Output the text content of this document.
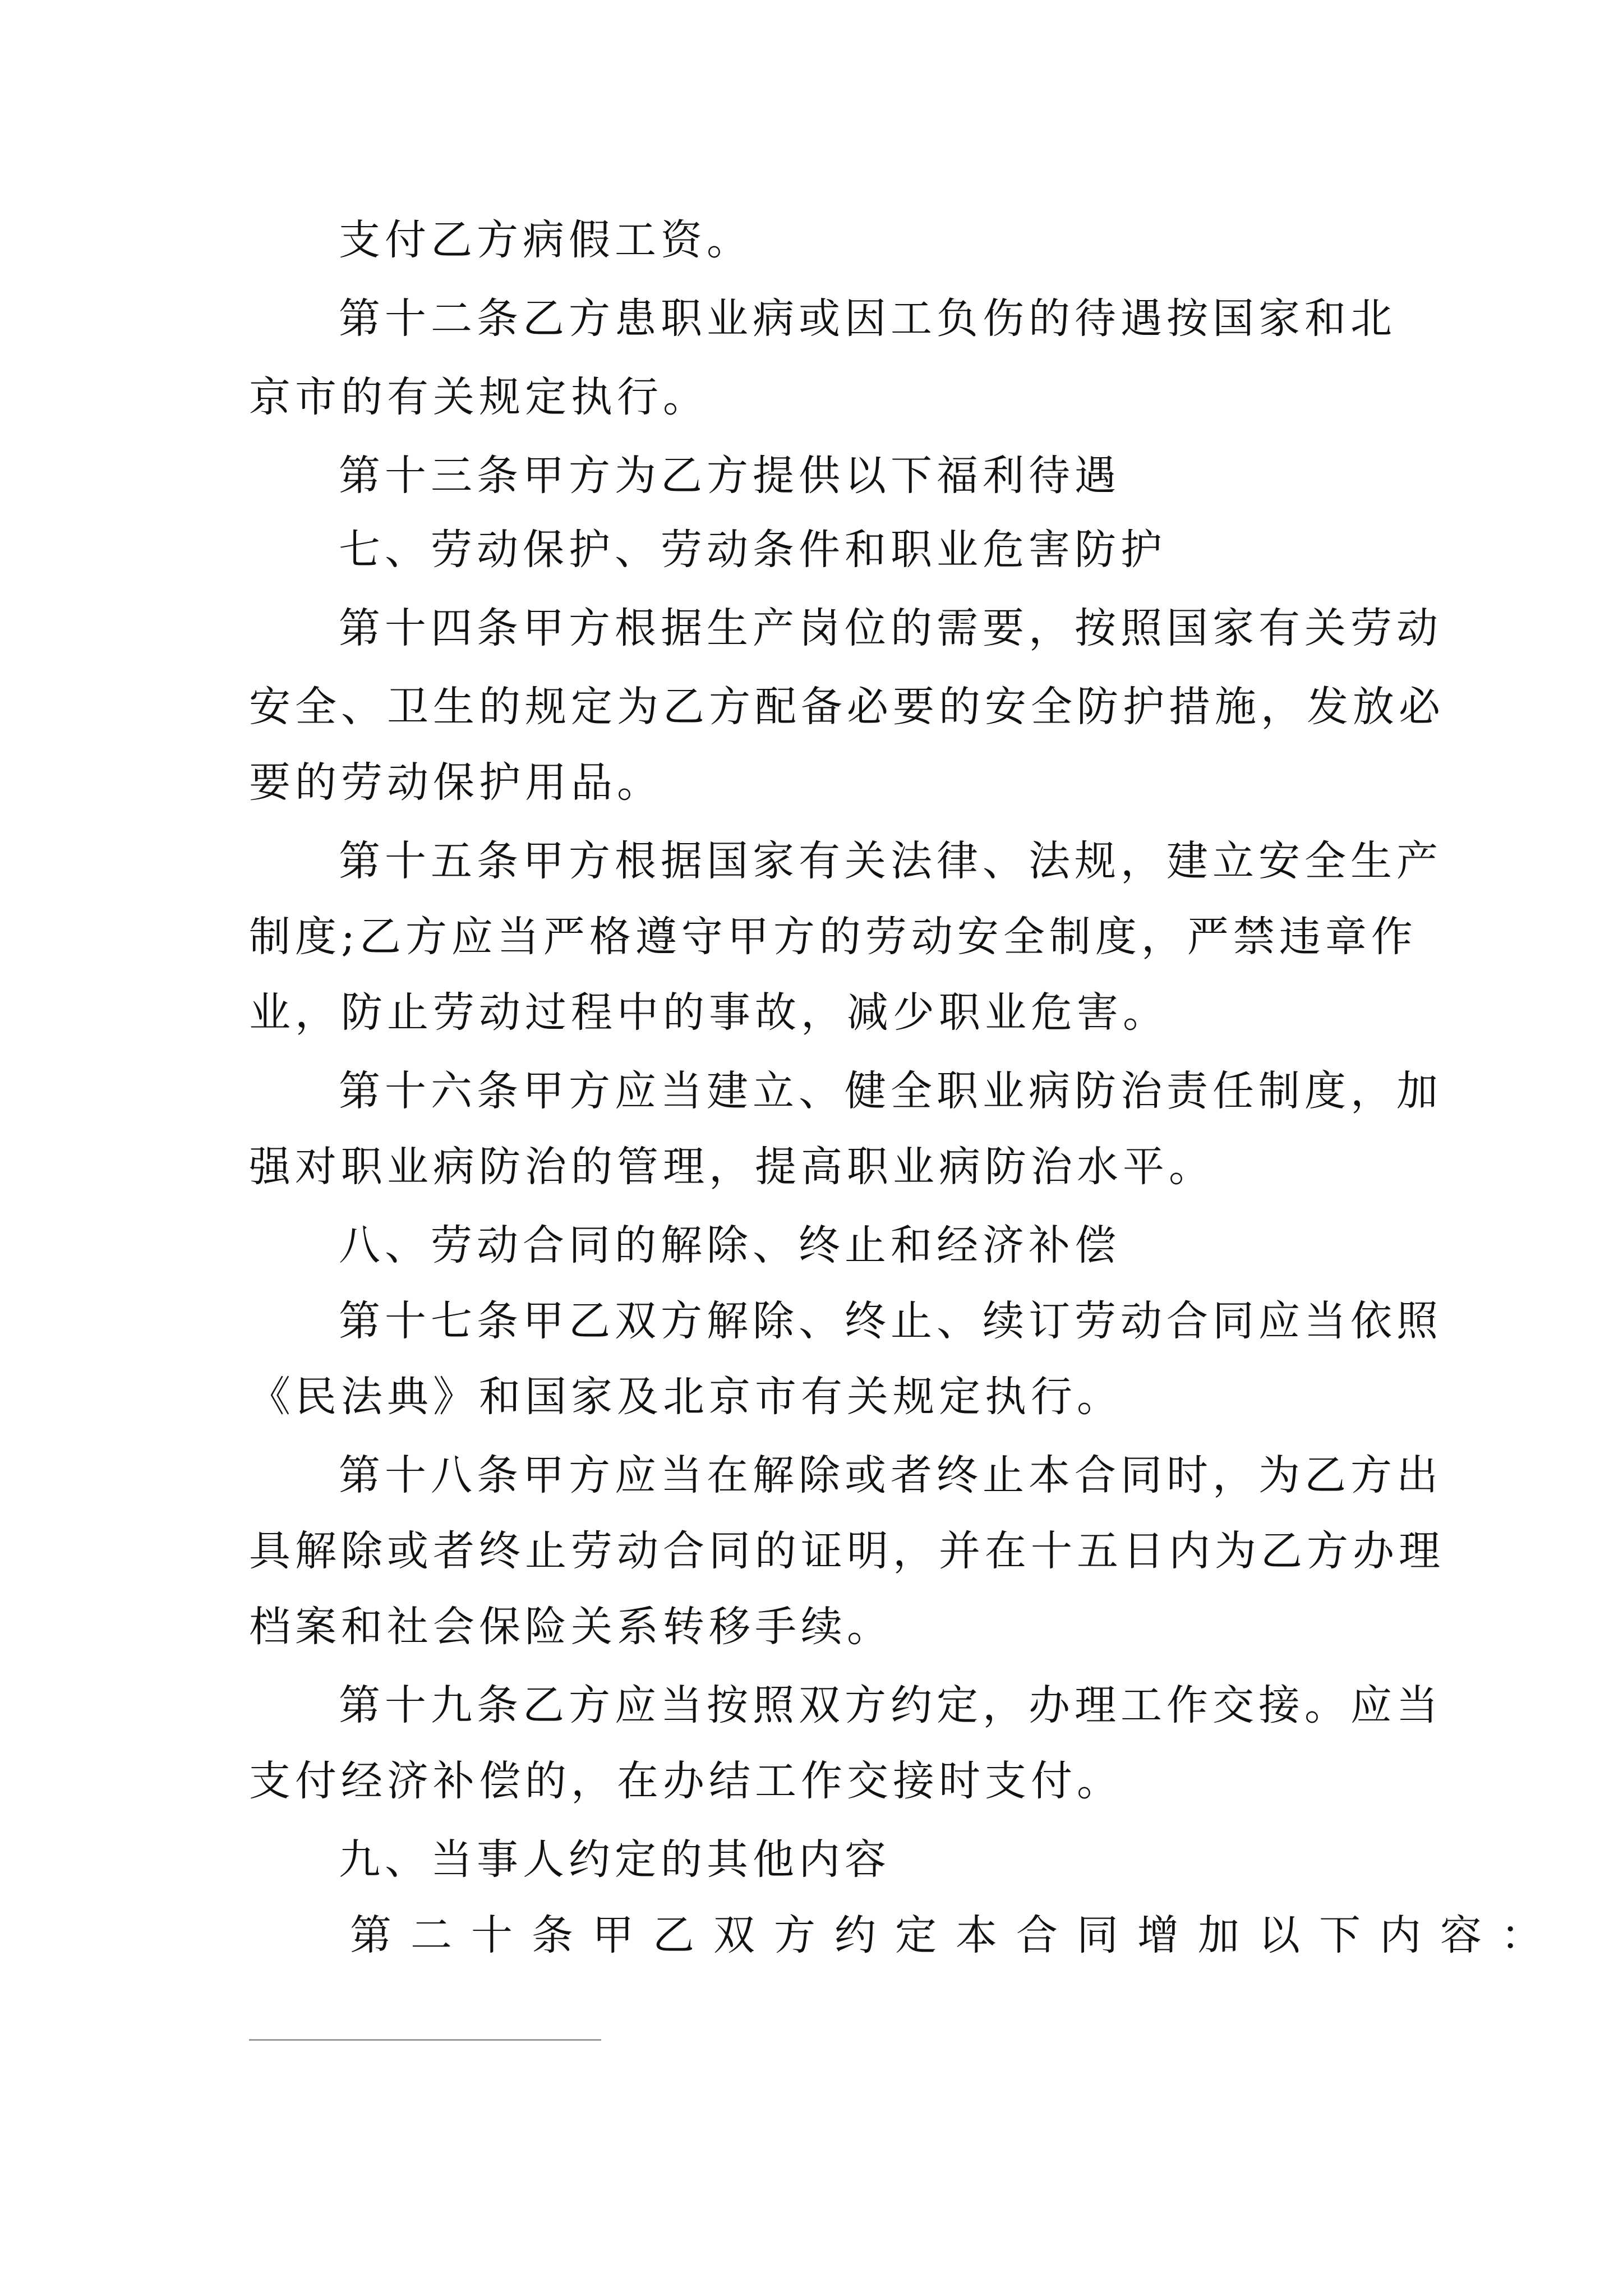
支付乙方病假工资。
第十二条乙方患职业病或因工负伤的待遇按国家和北
京市的有关规定执行。
第十三条甲方为乙方提供以下福利待遇
七、劳动保护、劳动条件和职业危害防护
第十四条甲方根据生产岗位的需要，按照国家有关劳动
安全、卫生的规定为乙方配备必要的安全防护措施，发放必
要的劳动保护用品。
第十五条甲方根据国家有关法律、法规，建立安全生产
制度;乙方应当严格遵守甲方的劳动安全制度，严禁违章作
业，防止劳动过程中的事故，减少职业危害。
第十六条甲方应当建立、健全职业病防治责任制度，加
强对职业病防治的管理，提高职业病防治水平。
八、劳动合同的解除、终止和经济补偿
第十七条甲乙双方解除、终止、续订劳动合同应当依照
《民法典》和国家及北京市有关规定执行。
第十八条甲方应当在解除或者终止本合同时，为乙方出
具解除或者终止劳动合同的证明，并在十五日内为乙方办理
档案和社会保险关系转移手续。
第十九条乙方应当按照双方约定，办理工作交接。应当
支付经济补偿的，在办结工作交接时支付。
九、当事人约定的其他内容
第二十条甲乙双方约定本合同增加以下内容：
